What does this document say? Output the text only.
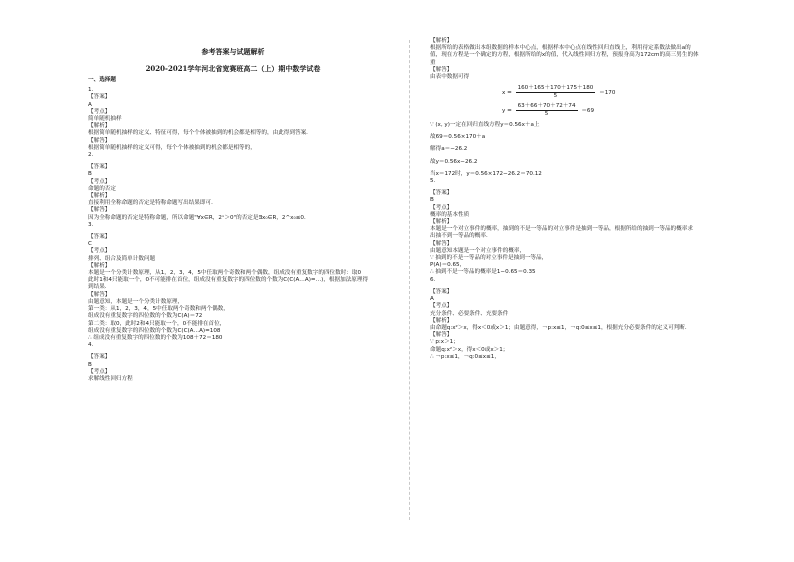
参考答案与试题解析
2020-2021学年河北省宽赛班高二（上）期中数学试卷
一、选择题
1.
【答案】
A
【考点】
简单随机抽样
【解析】
根据简单随机抽样的定义、特征可得，每个个体被抽到的机会都是相等的，由此得到答案．
【解答】
根据简单随机抽样的定义可得，每个个体被抽到的机会都是相等的，
2.
【答案】
B
【考点】
命题的否定
【解析】
直接利用全称命题的否定是特称命题写出结果即可．
【解答】
因为全称命题的否定是特称命题，所以命题"∀x∈R，2ˣ＞0"的否定是∃x₀∈R，2^x₀≤0．
3.
【答案】
C
【考点】
排列、组合及简单计数问题
【解析】
本题是一个分类计数原理，从1，2，3，4，5中任取两个奇数和两个偶数，组成没有重复数字的四位数时：取0
此时1和4只能取一个，0不可能排在首位，组成没有重复数字的四位数的个数为C(C(A…A)=…)，根据加法原理得
到结果．
【解答】
由题意知，本题是一个分类计数原理，
第一类：从1，2，3，4，5中任取两个奇数和两个偶数，
组成没有重复数字的四位数的个数为C(A)＝72
第二类：取0，此时2和4只能取一个，0不能排在首位，
组成没有重复数字的四位数的个数为C(C(A…A)=108
∴ 组成没有重复数字的四位数的个数为108＋72＝180
4.
【答案】
B
【考点】
求解线性回归方程
【解析】
根据所给的表格做出本组数据的样本中心点，根据样本中心点在线性回归直线上，利用待定系数法做出a的
值，现在方程是一个确定的方程，根据所给的x的值，代入线性回归方程，预报身高为172cm的高三男生的体
重
【解答】
由表中数据可得
$x = \frac{160+165+170+175+180}{5} =170$
$y = \frac{63+66+70+72+74}{5} =69$
∵ (x, y)一定在回归直线方程y＝0.56x＋a上
故69＝0.56×170＋a
解得a＝−26.2
故y＝0.56x−26.2
当x＝172时，y＝0.56×172−26.2＝70.12
5.
【答案】
B
【考点】
概率的基本性质
【解析】
本题是一个对立事件的概率，抽到的不是一等品的对立事件是抽到一等品，根据所给的抽到一等品的概率求
出抽不到一等品的概率．
【解答】
由题意知本题是一个对立事件的概率，
∵ 抽到的不是一等品的对立事件是抽到一等品，
P(A)＝0.65，
∴ 抽到不是一等品的概率是1−0.65＝0.35
6.
【答案】
A
【考点】
充分条件、必要条件、充要条件
【解析】
由命题q:x²＞x，得x＜0或x＞1；由题意得，￢p:x≤1，￢q:0≤x≤1，根据充分必要条件的定义可判断．
【解答】
∵ p:x＞1；
命题q:x²＞x，得x＜0或x＞1；
∴ ￢p:x≤1，￢q:0≤x≤1，
